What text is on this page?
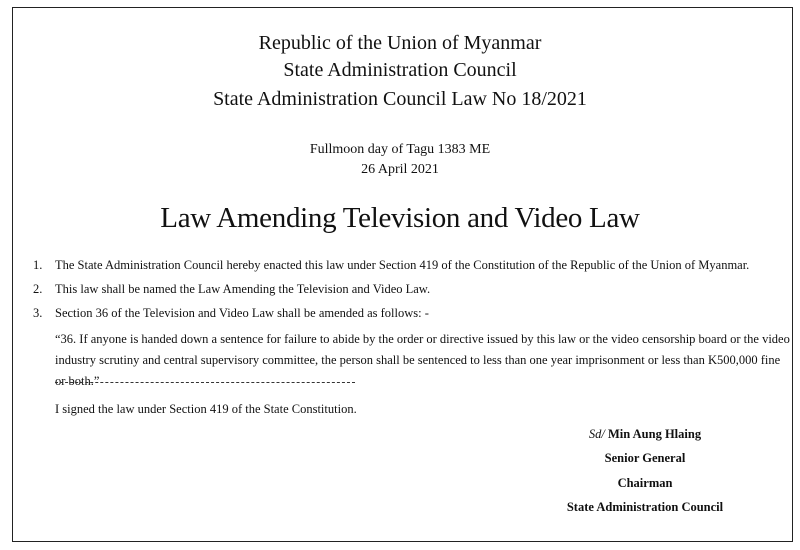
Republic of the Union of Myanmar
State Administration Council
State Administration Council Law No 18/2021
Fullmoon day of Tagu 1383 ME
26 April 2021
Law Amending Television and Video Law
1. The State Administration Council hereby enacted this law under Section 419 of the Constitution of the Republic of the Union of Myanmar.
2. This law shall be named the Law Amending the Television and Video Law.
3. Section 36 of the Television and Video Law shall be amended as follows: -
“36. If anyone is handed down a sentence for failure to abide by the order or directive issued by this law or the video censorship board or the video industry scrutiny and central supervisory committee, the person shall be sentenced to less than one year imprisonment or less than K500,000 fine or both.”
I signed the law under Section 419 of the State Constitution.
Sd/ Min Aung Hlaing
Senior General
Chairman
State Administration Council
